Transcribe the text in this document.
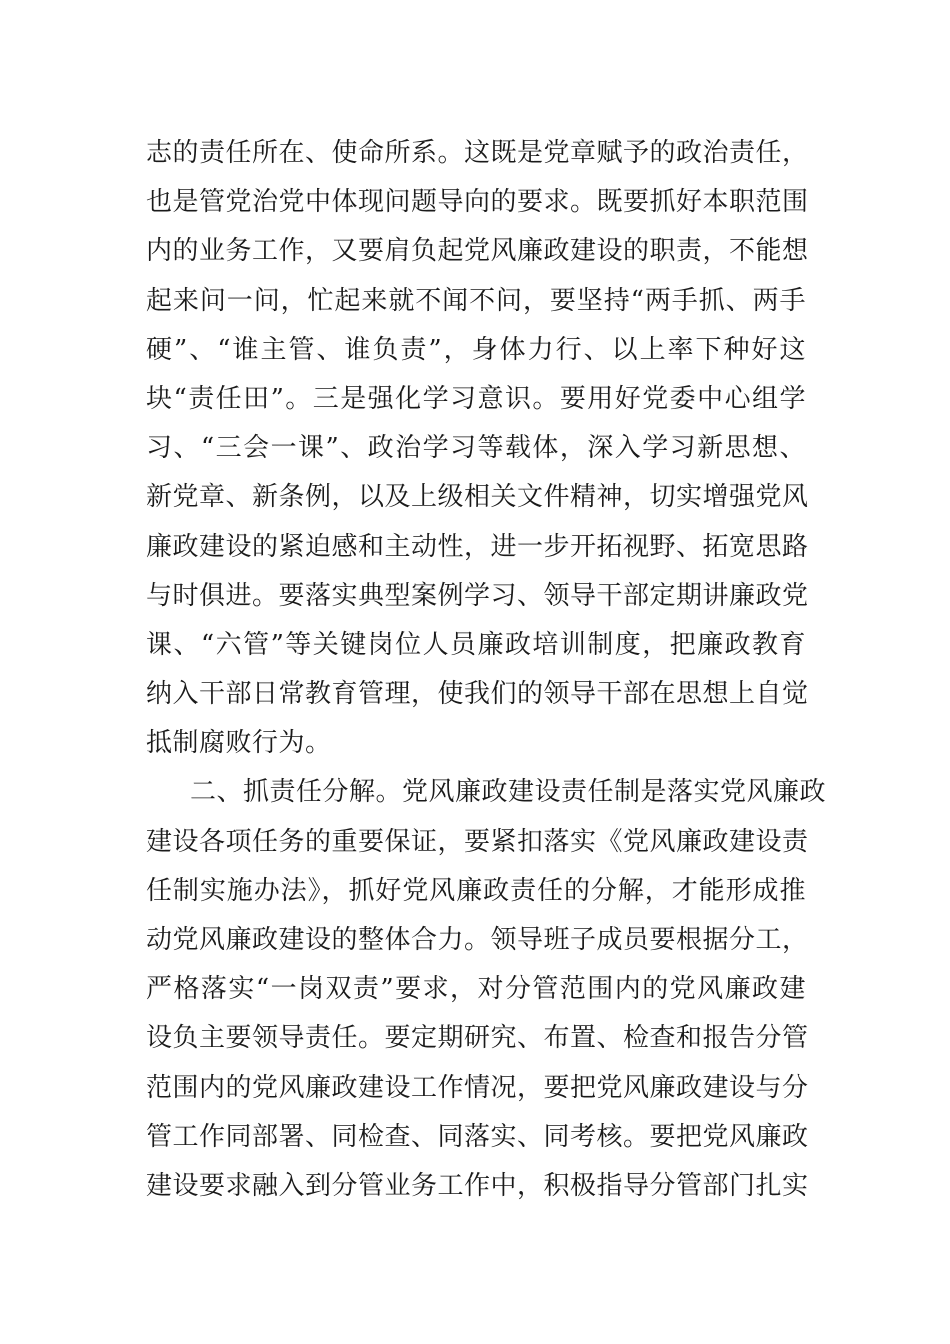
志的责任所在、使命所系。这既是党章赋予的政治责任，
也是管党治党中体现问题导向的要求。既要抓好本职范围
内的业务工作，又要肩负起党风廉政建设的职责，不能想
起来问一问，忙起来就不闻不问，要坚持“两手抓、两手
硬”、“谁主管、谁负责”，身体力行、以上率下种好这
块“责任田”。三是强化学习意识。要用好党委中心组学
习、“三会一课”、政治学习等载体，深入学习新思想、
新党章、新条例，以及上级相关文件精神，切实增强党风
廉政建设的紧迫感和主动性，进一步开拓视野、拓宽思路
与时俱进。要落实典型案例学习、领导干部定期讲廉政党
课、“六管”等关键岗位人员廉政培训制度，把廉政教育
纳入干部日常教育管理，使我们的领导干部在思想上自觉
抵制腐败行为。
二、抓责任分解。党风廉政建设责任制是落实党风廉政
建设各项任务的重要保证，要紧扣落实《党风廉政建设责
任制实施办法》，抓好党风廉政责任的分解，才能形成推
动党风廉政建设的整体合力。领导班子成员要根据分工，
严格落实“一岗双责”要求，对分管范围内的党风廉政建
设负主要领导责任。要定期研究、布置、检查和报告分管
范围内的党风廉政建设工作情况，要把党风廉政建设与分
管工作同部署、同检查、同落实、同考核。要把党风廉政
建设要求融入到分管业务工作中，积极指导分管部门扎实
